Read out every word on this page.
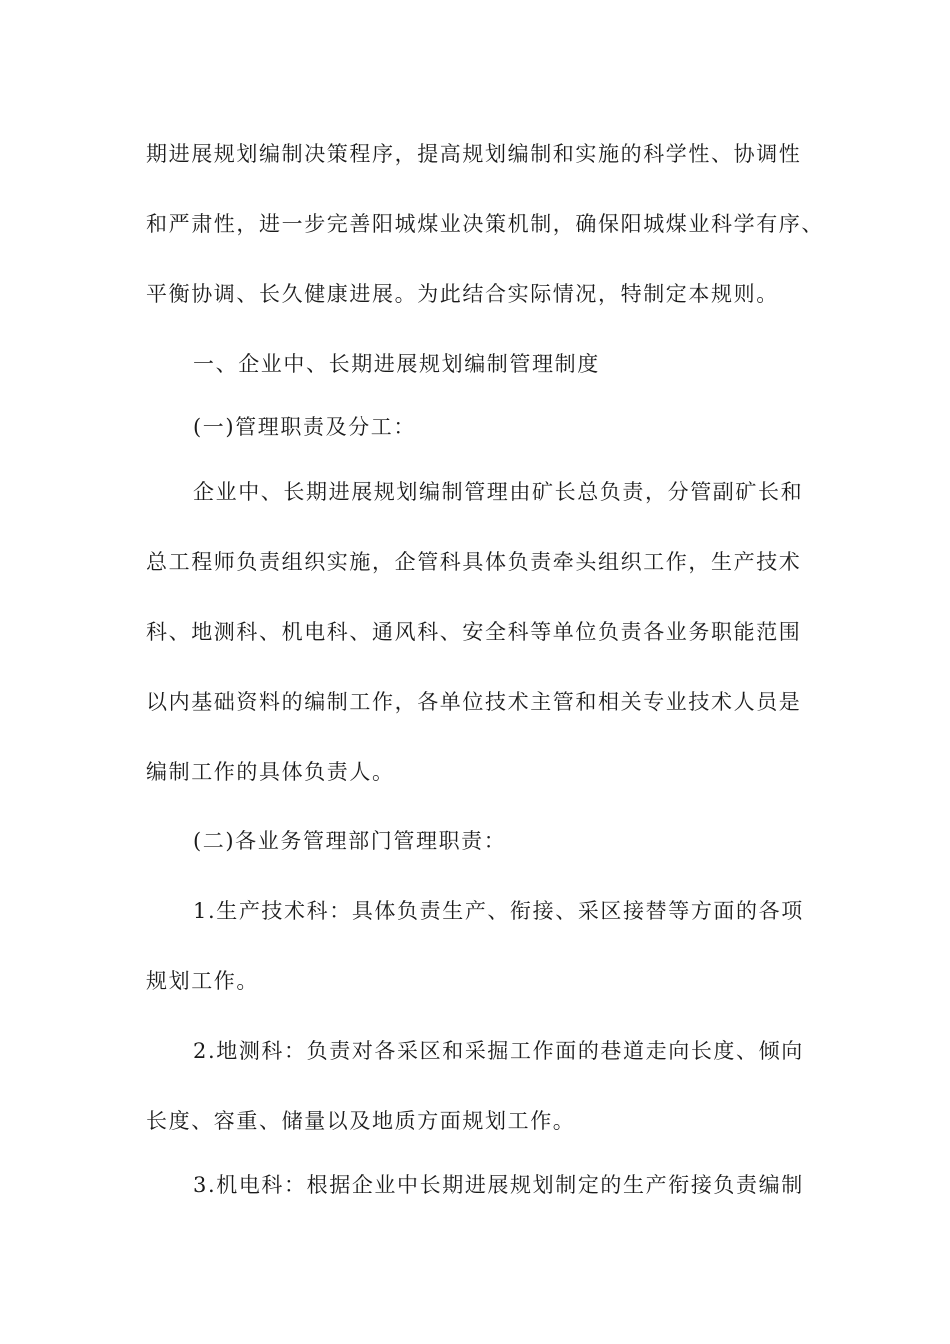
期进展规划编制决策程序，提高规划编制和实施的科学性、协调性
和严肃性，进一步完善阳城煤业决策机制，确保阳城煤业科学有序、
平衡协调、长久健康进展。为此结合实际情况，特制定本规则。
一、企业中、长期进展规划编制管理制度
(一)管理职责及分工：
企业中、长期进展规划编制管理由矿长总负责，分管副矿长和
总工程师负责组织实施，企管科具体负责牵头组织工作，生产技术
科、地测科、机电科、通风科、安全科等单位负责各业务职能范围
以内基础资料的编制工作，各单位技术主管和相关专业技术人员是
编制工作的具体负责人。
(二)各业务管理部门管理职责：
1.生产技术科：具体负责生产、衔接、采区接替等方面的各项
规划工作。
2.地测科：负责对各采区和采掘工作面的巷道走向长度、倾向
长度、容重、储量以及地质方面规划工作。
3.机电科：根据企业中长期进展规划制定的生产衔接负责编制
